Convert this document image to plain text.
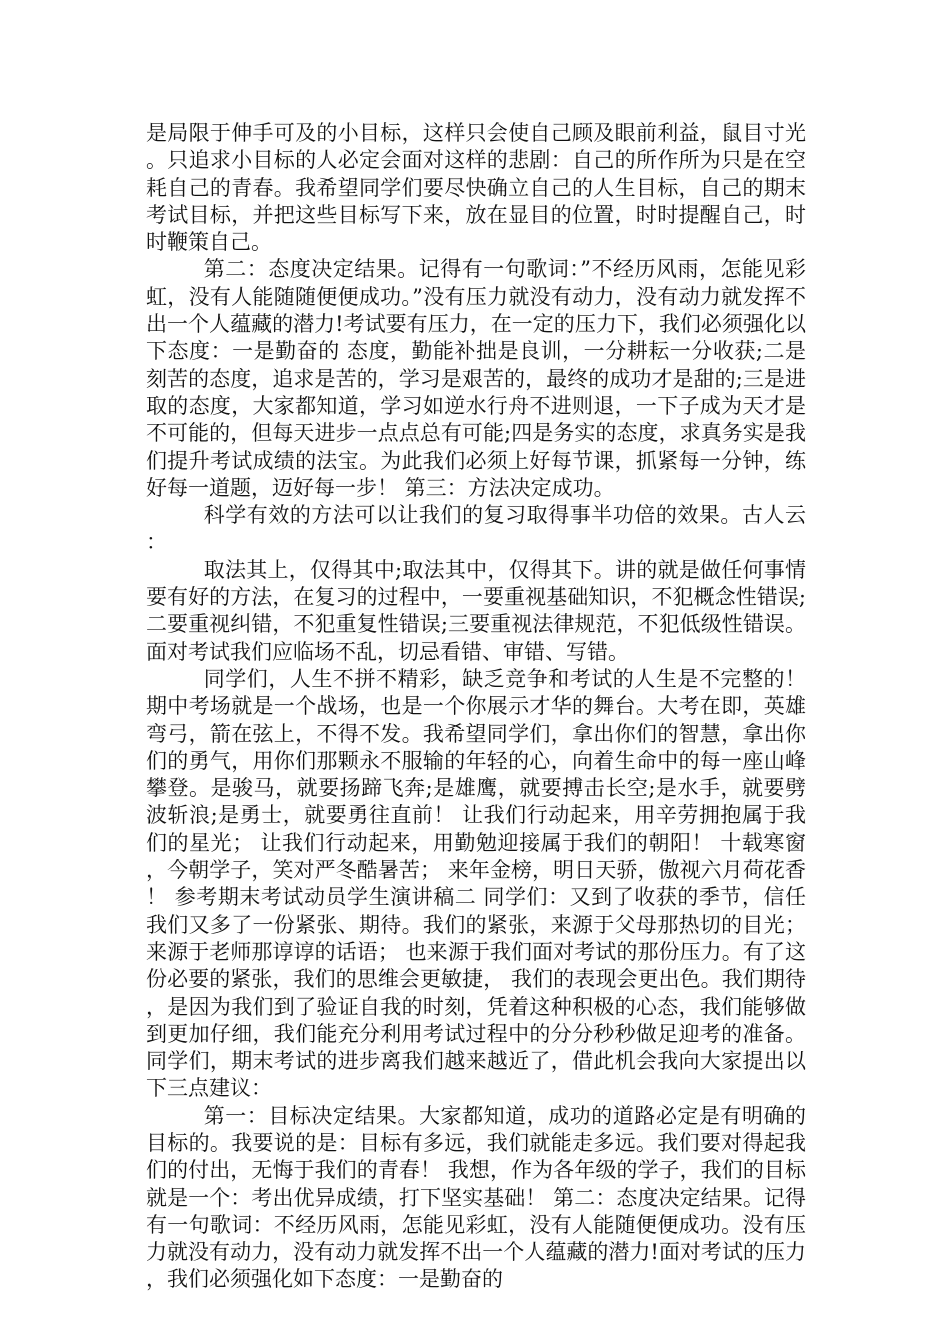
是局限于伸手可及的小目标，这样只会使自己顾及眼前利益，鼠目寸光。只追求小目标的人必定会面对这样的悲剧：自己的所作所为只是在空耗自己的青春。我希望同学们要尽快确立自己的人生目标，自己的期末考试目标，并把这些目标写下来，放在显目的位置，时时提醒自己，时时鞭策自己。

第二：态度决定结果。记得有一句歌词：”不经历风雨，怎能见彩虹，没有人能随随便便成功。”没有压力就没有动力，没有动力就发挥不出一个人蕴藏的潜力!考试要有压力，在一定的压力下，我们必须强化以下态度：一是勤奋的 态度，勤能补拙是良训，一分耕耘一分收获;二是刻苦的态度，追求是苦的，学习是艰苦的，最终的成功才是甜的;三是进取的态度，大家都知道，学习如逆水行舟不进则退，一下子成为天才是不可能的，但每天进步一点点总有可能;四是务实的态度，求真务实是我们提升考试成绩的法宝。为此我们必须上好每节课，抓紧每一分钟，练好每一道题，迈好每一步！ 第三：方法决定成功。

科学有效的方法可以让我们的复习取得事半功倍的效果。古人云：

取法其上，仅得其中;取法其中，仅得其下。讲的就是做任何事情要有好的方法，在复习的过程中，一要重视基础知识，不犯概念性错误;二要重视纠错，不犯重复性错误;三要重视法律规范，不犯低级性错误。面对考试我们应临场不乱，切忌看错、审错、写错。

同学们，人生不拼不精彩，缺乏竞争和考试的人生是不完整的！期中考场就是一个战场，也是一个你展示才华的舞台。大考在即，英雄弯弓，箭在弦上，不得不发。我希望同学们，拿出你们的智慧，拿出你们的勇气，用你们那颗永不服输的年轻的心，向着生命中的每一座山峰攀登。是骏马，就要扬蹄飞奔;是雄鹰，就要搏击长空;是水手，就要劈波斩浪;是勇士，就要勇往直前！ 让我们行动起来，用辛劳拥抱属于我们的星光； 让我们行动起来，用勤勉迎接属于我们的朝阳！ 十载寒窗，今朝学子，笑对严冬酷暑苦； 来年金榜，明日天骄，傲视六月荷花香！ 参考期末考试动员学生演讲稿二 同学们：又到了收获的季节，信任我们又多了一份紧张、期待。我们的紧张，来源于父母那热切的目光； 来源于老师那谆谆的话语； 也来源于我们面对考试的那份压力。有了这份必要的紧张，我们的思维会更敏捷， 我们的表现会更出色。我们期待，是因为我们到了验证自我的时刻，凭着这种积极的心态，我们能够做到更加仔细，我们能充分利用考试过程中的分分秒秒做足迎考的准备。同学们，期末考试的进步离我们越来越近了，借此机会我向大家提出以下三点建议：

第一：目标决定结果。大家都知道，成功的道路必定是有明确的目标的。我要说的是：目标有多远，我们就能走多远。我们要对得起我们的付出，无悔于我们的青春！ 我想，作为各年级的学子，我们的目标就是一个：考出优异成绩，打下坚实基础！ 第二：态度决定结果。记得有一句歌词：不经历风雨，怎能见彩虹，没有人能随便便成功。没有压力就没有动力，没有动力就发挥不出一个人蕴藏的潜力!面对考试的压力，我们必须强化如下态度：一是勤奋的
